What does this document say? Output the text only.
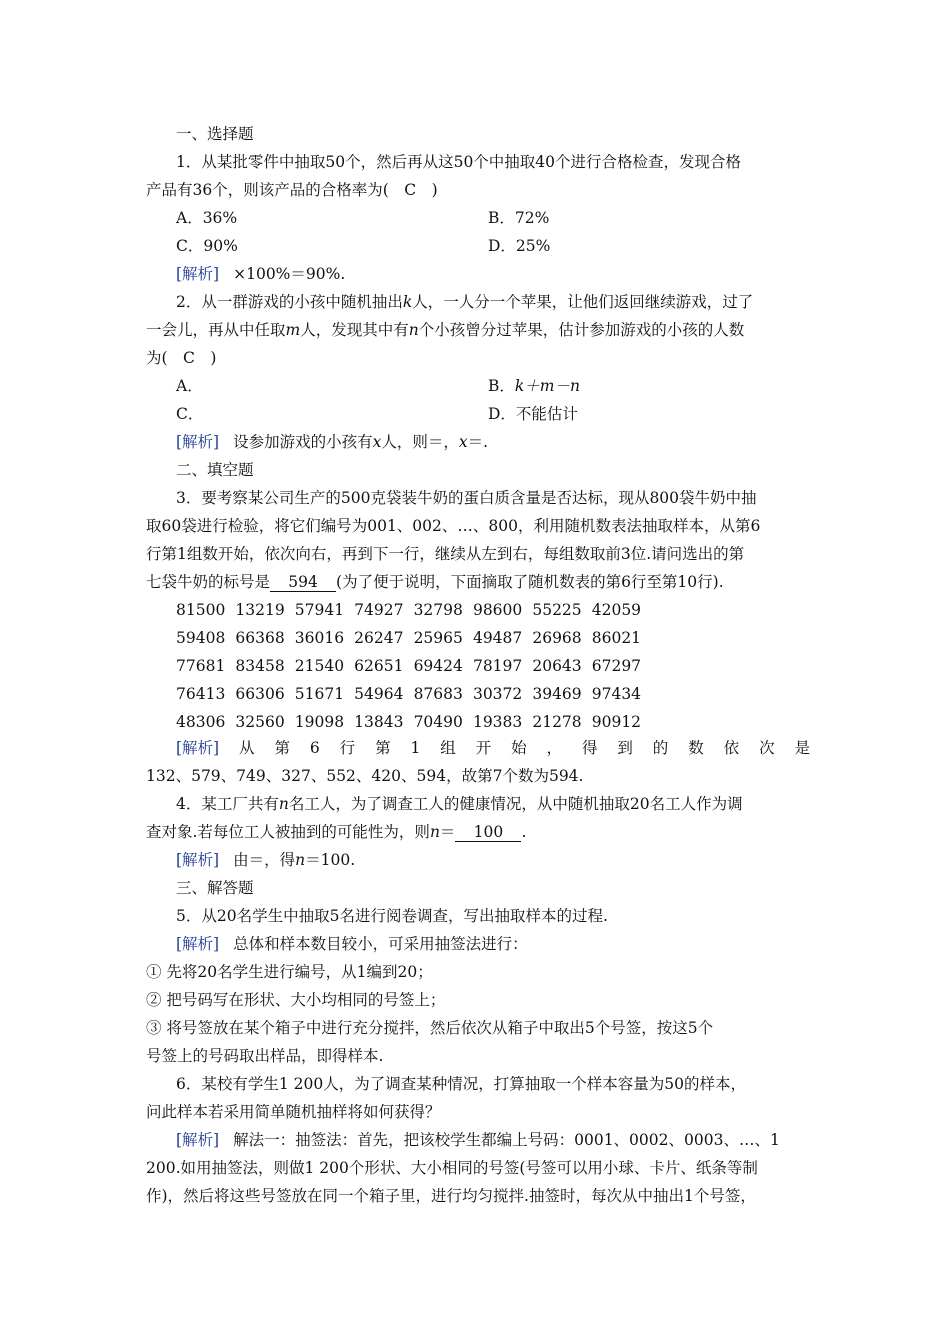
一、选择题
1．从某批零件中抽取50个，然后再从这50个中抽取40个进行合格检查，发现合格
产品有36个，则该产品的合格率为(　C　)
A．36%	B．72%
C．90%	D．25%
[解析] ×100%＝90%.
2．从一群游戏的小孩中随机抽出k人，一人分一个苹果，让他们返回继续游戏，过了
一会儿，再从中任取m人，发现其中有n个小孩曾分过苹果，估计参加游戏的小孩的人数
为(　C　)
A．	B．k＋m－n
C．	D．不能估计
[解析] 设参加游戏的小孩有x人，则＝，x＝.
二、填空题
3．要考察某公司生产的500克袋装牛奶的蛋白质含量是否达标，现从800袋牛奶中抽
取60袋进行检验，将它们编号为001、002、…、800，利用随机数表法抽取样本，从第6
行第1组数开始，依次向右，再到下一行，继续从左到右，每组数取前3位.请问选出的第
七袋牛奶的标号是 594 (为了便于说明，下面摘取了随机数表的第6行至第10行).
81500 13219 57941 74927 32798 98600 55225 42059
59408 66368 36016 26247 25965 49487 26968 86021
77681 83458 21540 62651 69424 78197 20643 67297
76413 66306 51671 54964 87683 30372 39469 97434
48306 32560 19098 13843 70490 19383 21278 90912
[解析] 从 第 6 行 第 1 组 开 始 ， 得 到 的 数 依 次 是
132、579、749、327、552、420、594，故第7个数为594.
4．某工厂共有n名工人，为了调查工人的健康情况，从中随机抽取20名工人作为调
查对象.若每位工人被抽到的可能性为，则n＝ 100 .
[解析] 由＝，得n＝100.
三、解答题
5．从20名学生中抽取5名进行阅卷调查，写出抽取样本的过程.
[解析] 总体和样本数目较小，可采用抽签法进行：
① 先将20名学生进行编号，从1编到20；
② 把号码写在形状、大小均相同的号签上；
③ 将号签放在某个箱子中进行充分搅拌，然后依次从箱子中取出5个号签，按这5个
号签上的号码取出样品，即得样本.
6．某校有学生1 200人，为了调查某种情况，打算抽取一个样本容量为50的样本，
问此样本若采用简单随机抽样将如何获得？
[解析] 解法一：抽签法：首先，把该校学生都编上号码：0001、0002、0003、…、1
200.如用抽签法，则做1 200个形状、大小相同的号签(号签可以用小球、卡片、纸条等制
作)，然后将这些号签放在同一个箱子里，进行均匀搅拌.抽签时，每次从中抽出1个号签，
